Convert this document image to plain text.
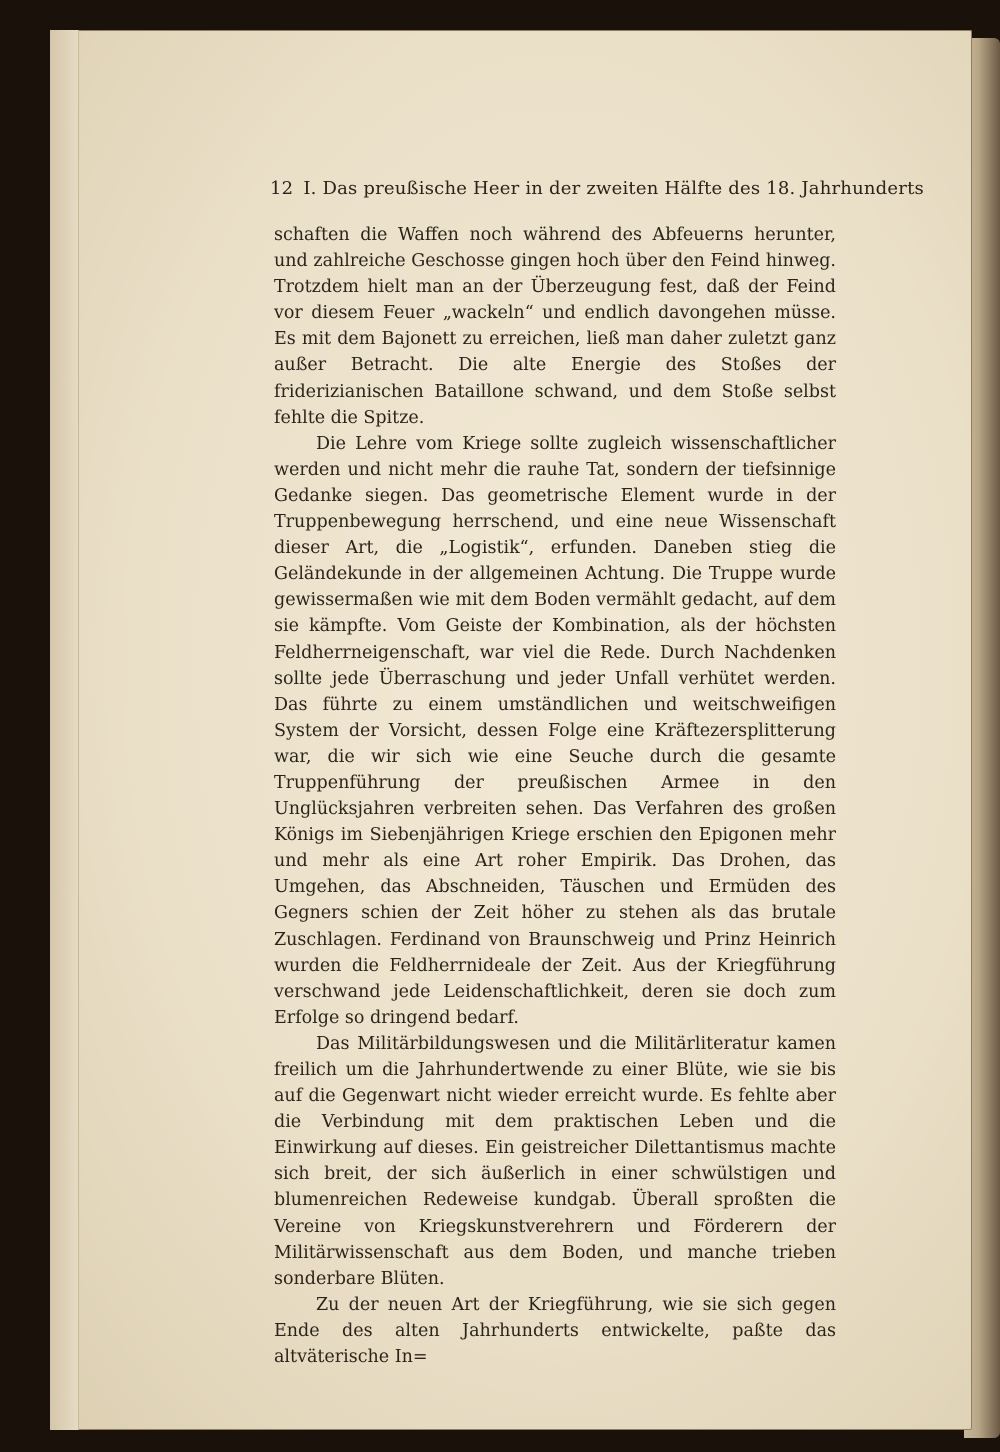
12 I. Das preußische Heer in der zweiten Hälfte des 18. Jahrhunderts

schaften die Waffen noch während des Abfeuerns herunter, und zahlreiche Geschosse gingen hoch über den Feind hinweg. Trotzdem hielt man an der Überzeugung fest, daß der Feind vor diesem Feuer „wackeln“ und endlich davongehen müsse. Es mit dem Bajonett zu erreichen, ließ man daher zuletzt ganz außer Betracht. Die alte Energie des Stoßes der friderizianischen Bataillone schwand, und dem Stoße selbst fehlte die Spitze.

Die Lehre vom Kriege sollte zugleich wissenschaftlicher werden und nicht mehr die rauhe Tat, sondern der tiefsinnige Gedanke siegen. Das geometrische Element wurde in der Truppenbewegung herrschend, und eine neue Wissenschaft dieser Art, die „Logistik“, erfunden. Daneben stieg die Geländekunde in der allgemeinen Achtung. Die Truppe wurde gewissermaßen wie mit dem Boden vermählt gedacht, auf dem sie kämpfte. Vom Geiste der Kombination, als der höchsten Feldherrneigenschaft, war viel die Rede. Durch Nachdenken sollte jede Überraschung und jeder Unfall verhütet werden. Das führte zu einem umständlichen und weitschweifigen System der Vorsicht, dessen Folge eine Kräftezersplitterung war, die wir sich wie eine Seuche durch die gesamte Truppenführung der preußischen Armee in den Unglücksjahren verbreiten sehen. Das Verfahren des großen Königs im Siebenjährigen Kriege erschien den Epigonen mehr und mehr als eine Art roher Empirik. Das Drohen, das Umgehen, das Abschneiden, Täuschen und Ermüden des Gegners schien der Zeit höher zu stehen als das brutale Zuschlagen. Ferdinand von Braunschweig und Prinz Heinrich wurden die Feldherrnideale der Zeit. Aus der Kriegführung verschwand jede Leidenschaftlichkeit, deren sie doch zum Erfolge so dringend bedarf.

Das Militärbildungswesen und die Militärliteratur kamen freilich um die Jahrhundertwende zu einer Blüte, wie sie bis auf die Gegenwart nicht wieder erreicht wurde. Es fehlte aber die Verbindung mit dem praktischen Leben und die Einwirkung auf dieses. Ein geistreicher Dilettantismus machte sich breit, der sich äußerlich in einer schwülstigen und blumenreichen Redeweise kundgab. Überall sproßten die Vereine von Kriegskunstverehrern und Förderern der Militärwissenschaft aus dem Boden, und manche trieben sonderbare Blüten.

Zu der neuen Art der Kriegführung, wie sie sich gegen Ende des alten Jahrhunderts entwickelte, paßte das altväterische In=
